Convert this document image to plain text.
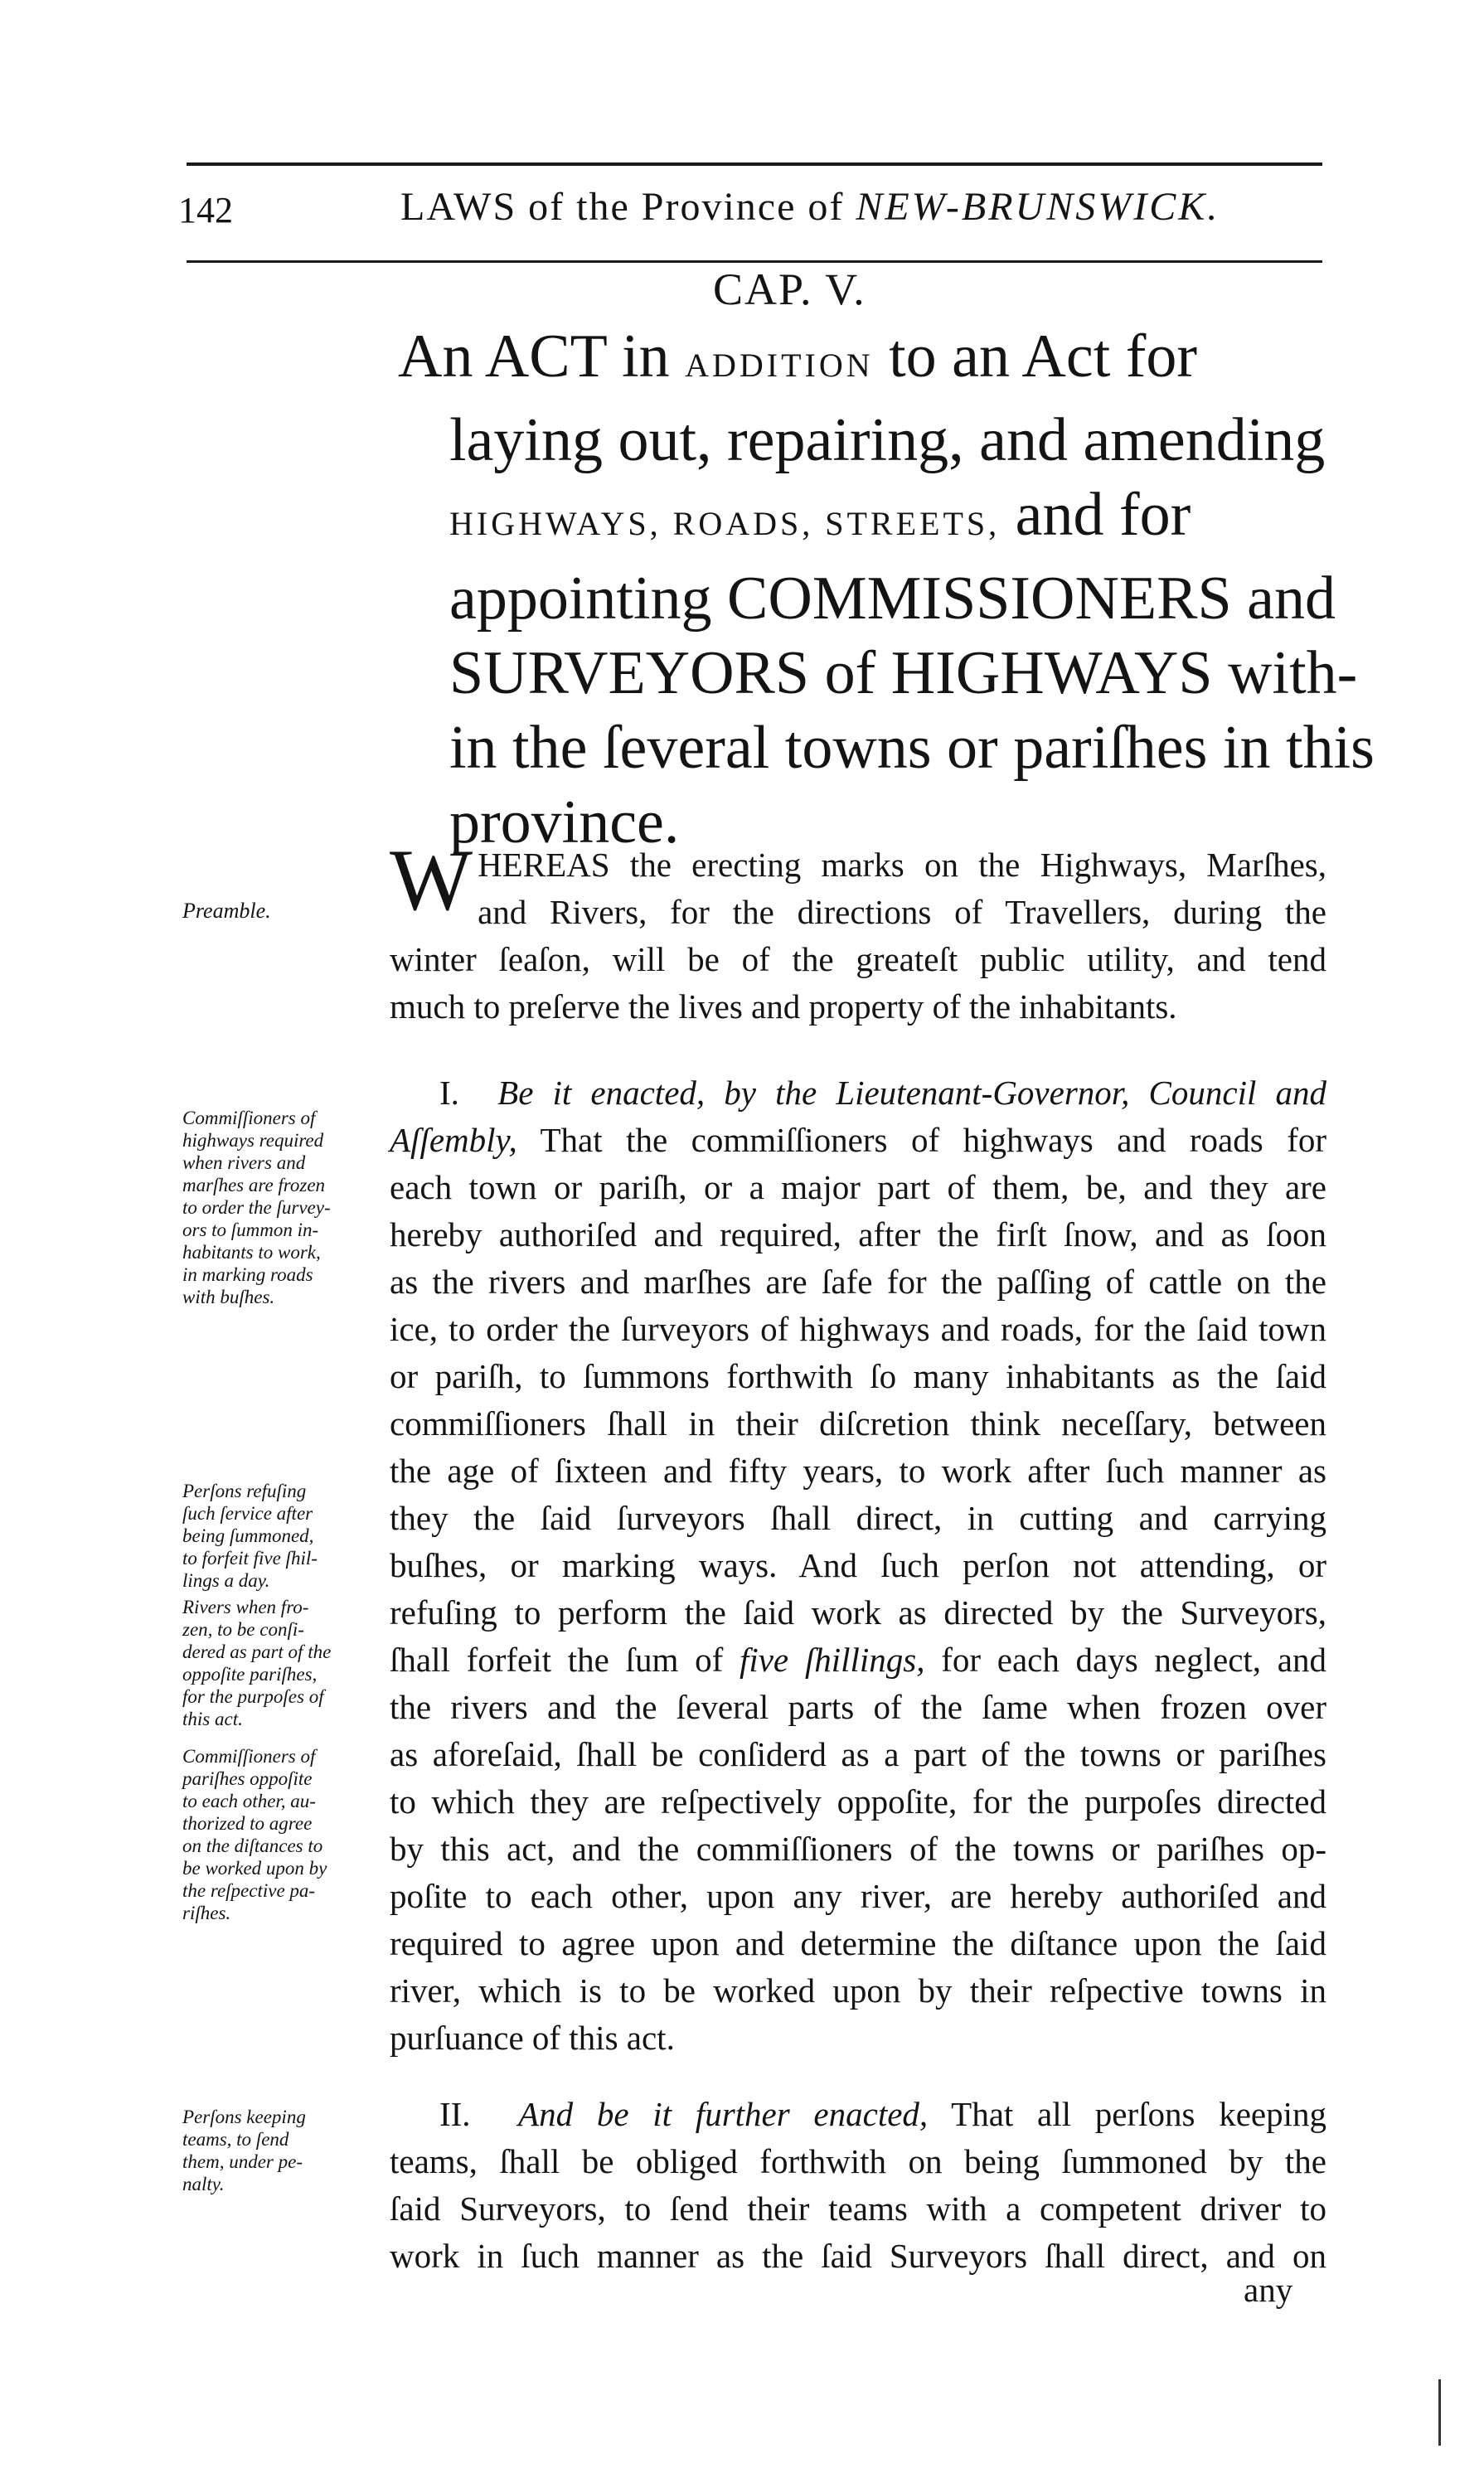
142	LAWS of the Province of NEW-BRUNSWICK.
CAP. V.
An ACT in ADDITION to an Act for
laying out, repairing, and amending
HIGHWAYS, ROADS, STREETS, and for
appointing COMMISSIONERS and
SURVEYORS of HIGHWAYS with-
in the ſeveral towns or pariſhes in this
province.
W HEREAS the erecting marks on the Highways, Marſhes,
and Rivers, for the directions of Travellers, during the
winter ſeaſon, will be of the greateſt public utility, and tend
much to preſerve the lives and property of the inhabitants.
I. Be it enacted, by the Lieutenant-Governor, Council and
Aſſembly, That the commiſſioners of highways and roads for
each town or pariſh, or a major part of them, be, and they are
hereby authoriſed and required, after the firſt ſnow, and as ſoon
as the rivers and marſhes are ſafe for the paſſing of cattle on the
ice, to order the ſurveyors of highways and roads, for the ſaid town
or pariſh, to ſummons forthwith ſo many inhabitants as the ſaid
commiſſioners ſhall in their diſcretion think neceſſary, between
the age of ſixteen and fifty years, to work after ſuch manner as
they the ſaid ſurveyors ſhall direct, in cutting and carrying
buſhes, or marking ways. And ſuch perſon not attending, or
refuſing to perform the ſaid work as directed by the Surveyors,
ſhall forfeit the ſum of five ſhillings, for each days neglect, and
the rivers and the ſeveral parts of the ſame when frozen over
as aforeſaid, ſhall be conſiderd as a part of the towns or pariſhes
to which they are reſpectively oppoſite, for the purpoſes directed
by this act, and the commiſſioners of the towns or pariſhes op-
poſite to each other, upon any river, are hereby authoriſed and
required to agree upon and determine the diſtance upon the ſaid
river, which is to be worked upon by their reſpective towns in
purſuance of this act.
II. And be it further enacted, That all perſons keeping
teams, ſhall be obliged forthwith on being ſummoned by the
ſaid Surveyors, to ſend their teams with a competent driver to
work in ſuch manner as the ſaid Surveyors ſhall direct, and on
any
Preamble.
Commiſſioners of
highways required
when rivers and
marſhes are frozen
to order the ſurvey-
ors to ſummon in-
habitants to work,
in marking roads
with buſhes.
Perſons refuſing
ſuch ſervice after
being ſummoned,
to forfeit five ſhil-
lings a day.
Rivers when fro-
zen, to be conſi-
dered as part of the
oppoſite pariſhes,
for the purpoſes of
this act.
Commiſſioners of
pariſhes oppoſite
to each other, au-
thorized to agree
on the diſtances to
be worked upon by
the reſpective pa-
riſhes.
Perſons keeping
teams, to ſend
them, under pe-
nalty.
